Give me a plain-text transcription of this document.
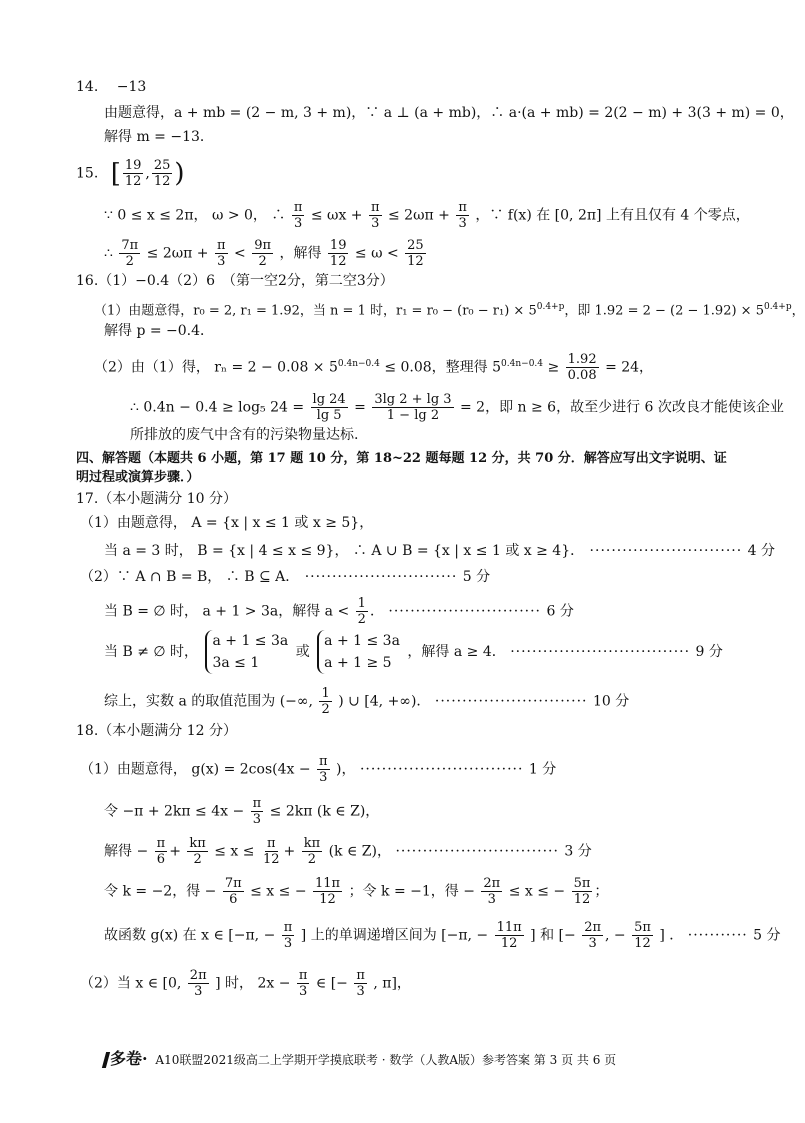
14. −13
由题意得，a + mb = (2 − m, 3 + m)，∵ a ⊥ (a + mb)，∴ a·(a + mb) = 2(2 − m) + 3(3 + m) = 0，
解得 m = −13．
15. [ $\frac{19}{12}$ , $\frac{25}{12}$ )
∵ 0 ≤ x ≤ 2π， ω > 0， ∴ $\frac{\pi}{3} \le \omega x + \frac{\pi}{3} \le 2\omega\pi + \frac{\pi}{3}$ ，∵ f(x) 在 [0, 2π] 上有且仅有 4 个零点，
∴ $\frac{7\pi}{2} \le 2\omega\pi + \frac{\pi}{3} < \frac{9\pi}{2}$ ，解得 $\frac{19}{12} \le \omega < \frac{25}{12}$
16.（1）−0.4（2）6　（第一空2分，第二空3分）
（1）由题意得，r₀ = 2, r₁ = 1.92，当 n = 1 时，$r_1 = r_0 - (r_0 - r_1) \times 5^{0.4+p}$，即 $1.92 = 2 - (2 - 1.92) \times 5^{0.4+p}$，
解得 p = −0.4．
（2）由（1）得， $r_n = 2 - 0.08 \times 5^{0.4n-0.4} \le 0.08$，整理得 $5^{0.4n-0.4} \ge \frac{1.92}{0.08} = 24$，
∴ 0.4n − 0.4 ≥ log₅ $24 = \frac{\lg 24}{\lg 5} = \frac{3\lg 2 + \lg 3}{1 - \lg 2} = 2$，即 n ≥ 6，故至少进行 6 次改良才能使该企业
所排放的废气中含有的污染物量达标.
四、解答题（本题共 6 小题，第 17 题 10 分，第 18~22 题每题 12 分，共 70 分．解答应写出文字说明、证
明过程或演算步骤．）
17.（本小题满分 10 分）
（1）由题意得， A = {x | x ≤ 1 或 x ≥ 5}，
当 a = 3 时， B = {x | 4 ≤ x ≤ 9}， ∴ A ∪ B = {x | x ≤ 1 或 x ≥ 4}． ···························· 4 分
（2）∵ A ∩ B = B， ∴ B ⊆ A． ···························· 5 分
当 B = ∅ 时， a + 1 > 3a，解得 $a < \frac{1}{2}$ ． ···························· 6 分
当 B ≠ ∅ 时，
a + 1 ≤ 3a
3a ≤ 1
或
a + 1 ≤ 3a
a + 1 ≥ 5
，解得 a ≥ 4． ································· 9 分
综上，实数 a 的取值范围为 (−∞, $\frac{1}{2}$ ) ∪ [4, +∞)． ···························· 10 分
18.（本小题满分 12 分）
（1）由题意得， $g(x) = 2\cos(4x - \frac{\pi}{3}$ )， ······························ 1 分
令 $-\pi + 2k\pi \le 4x - \frac{\pi}{3} \le 2k\pi$ (k ∈ Z)，
解得 − $\frac{\pi}{6} + \frac{k\pi}{2} \le x \le \frac{\pi}{12} + \frac{k\pi}{2} (k$ ∈ Z)， ······························ 3 分
令 k = −2，得 − $\frac{7\pi}{6} \le x$ ≤ − $\frac{11\pi}{12}$ ；令 k = −1，得 − $\frac{2\pi}{3} \le x$ ≤ − $\frac{5\pi}{12}$ ；
故函数 g(x) 在 x ∈ [−π, − $\frac{\pi}{3}$ ] 上的单调递增区间为 [−π, − $\frac{11\pi}{12}$ ] 和 [− $\frac{2\pi}{3}$ , − $\frac{5\pi}{12}$ ] ． ··········· 5 分
（2）当 x ∈ [0, $\frac{2\pi}{3}$ ] 时， $2x - \frac{\pi}{3}$ ∈ [− $\frac{\pi}{3}$ , π]，
多卷· A10联盟2021级高二上学期开学摸底联考 · 数学（人教A版）参考答案 第 3 页 共 6 页
